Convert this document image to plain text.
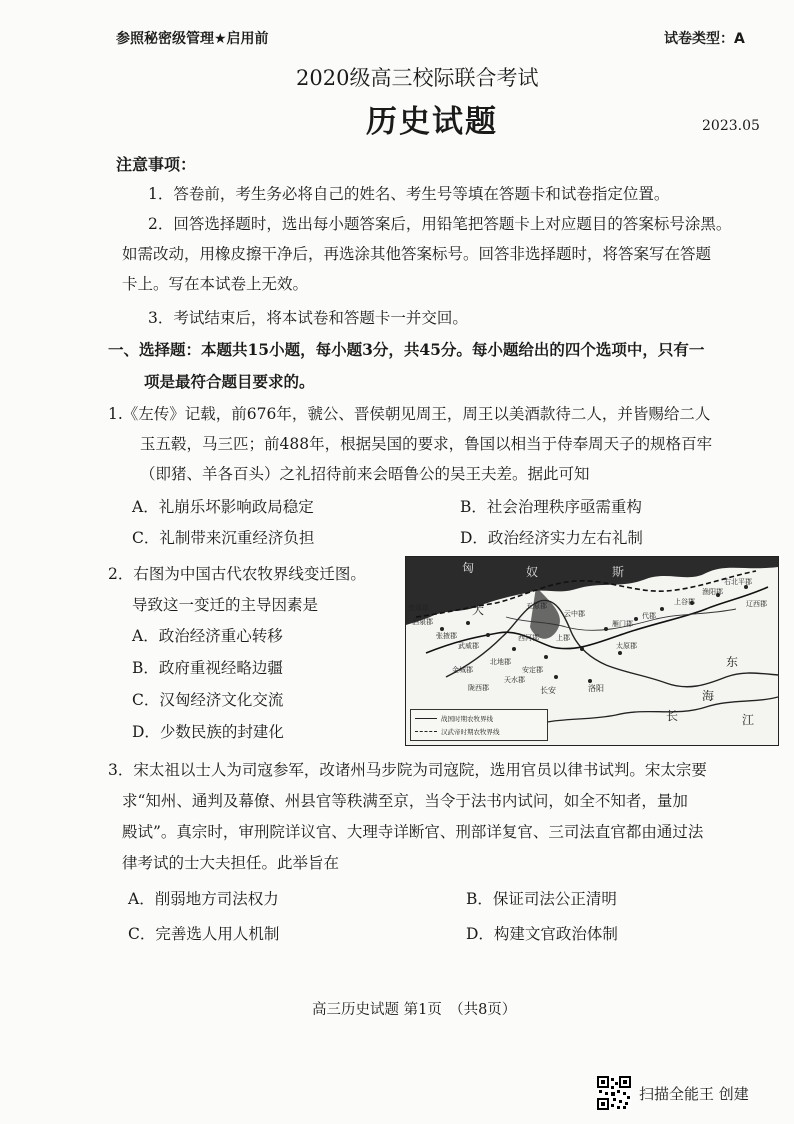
参照秘密级管理★启用前	试卷类型：A
2020级高三校际联合考试
历史试题	2023.05
注意事项：
1．答卷前，考生务必将自己的姓名、考生号等填在答题卡和试卷指定位置。
2．回答选择题时，选出每小题答案后，用铅笔把答题卡上对应题目的答案标号涂黑。
如需改动，用橡皮擦干净后，再选涂其他答案标号。回答非选择题时，将答案写在答题
卡上。写在本试卷上无效。
3．考试结束后，将本试卷和答题卡一并交回。
一、选择题：本题共15小题，每小题3分，共45分。每小题给出的四个选项中，只有一
项是最符合题目要求的。
1.《左传》记载，前676年，虢公、晋侯朝见周王，周王以美酒款待二人，并皆赐给二人
玉五毂，马三匹；前488年，根据吴国的要求，鲁国以相当于侍奉周天子的规格百牢
（即猪、羊各百头）之礼招待前来会晤鲁公的吴王夫差。据此可知
A．礼崩乐坏影响政局稳定	B．社会治理秩序亟需重构
C．礼制带来沉重经济负担	D．政治经济实力左右礼制
2．右图为中国古代农牧界线变迁图。
导致这一变迁的主导因素是
A．政治经济重心转移
B．政府重视经略边疆
C．汉匈经济文化交流
D．少数民族的封建化
匈	奴	斯
大
东
海
江
长
五原郡
云中郡
上谷郡
渔阳郡
右北平郡
辽西郡
代郡
雁门郡
太原郡
上郡
西河郡
北地郡
安定郡
天水郡
陇西郡
武威郡
张掖郡
酒泉郡
敦煌郡
金城郡
长安	洛阳
战国时期农牧界线
汉武帝时期农牧界线
3．宋太祖以士人为司寇参军，改诸州马步院为司寇院，选用官员以律书试判。宋太宗要
求“知州、通判及幕僚、州县官等秩满至京，当令于法书内试问，如全不知者，量加
殿试”。真宗时，审刑院详议官、大理寺详断官、刑部详复官、三司法直官都由通过法
律考试的士大夫担任。此举旨在
A．削弱地方司法权力	B．保证司法公正清明
C．完善选人用人机制	D．构建文官政治体制
高三历史试题 第1页　（共8页）
扫描全能王 创建
